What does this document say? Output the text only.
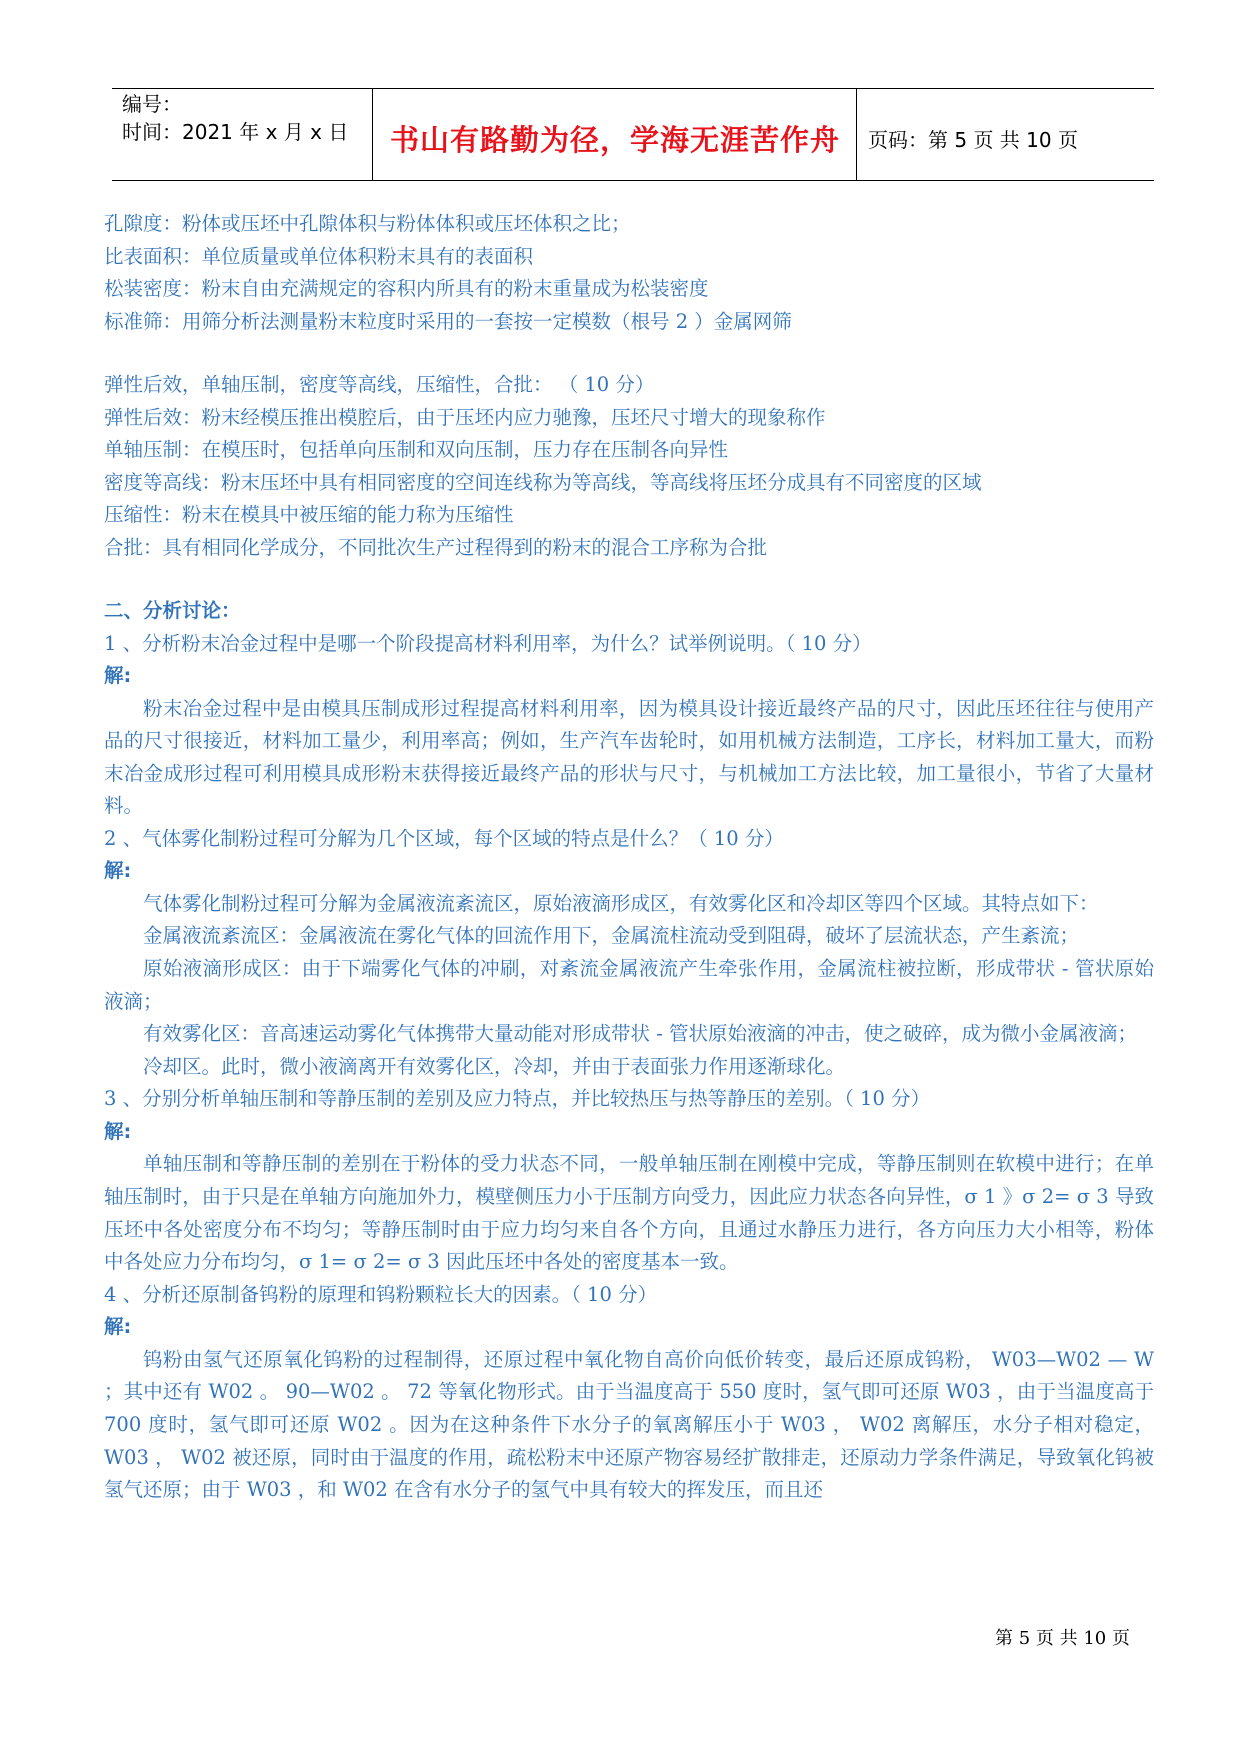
编号：
时间：2021 年 x 月 x 日	书山有路勤为径，学海无涯苦作舟	页码：第 5 页 共 10 页
孔隙度：粉体或压坯中孔隙体积与粉体体积或压坯体积之比；
比表面积：单位质量或单位体积粉末具有的表面积
松装密度：粉末自由充满规定的容积内所具有的粉末重量成为松装密度
标准筛：用筛分析法测量粉末粒度时采用的一套按一定模数（根号 2 ）金属网筛
弹性后效，单轴压制，密度等高线，压缩性，合批： （ 10 分）
弹性后效：粉末经模压推出模腔后，由于压坯内应力驰豫，压坯尺寸增大的现象称作
单轴压制：在模压时，包括单向压制和双向压制，压力存在压制各向异性
密度等高线：粉末压坯中具有相同密度的空间连线称为等高线，等高线将压坯分成具有不同密度的区域
压缩性：粉末在模具中被压缩的能力称为压缩性
合批：具有相同化学成分，不同批次生产过程得到的粉末的混合工序称为合批
二、分析讨论：
1 、分析粉末冶金过程中是哪一个阶段提高材料利用率，为什么？试举例说明。（ 10 分）
解:

粉末冶金过程中是由模具压制成形过程提高材料利用率，因为模具设计接近最终产品的尺寸，因此压坯往往与使用产品的尺寸很接近，材料加工量少，利用率高；例如，生产汽车齿轮时，如用机械方法制造，工序长，材料加工量大，而粉末冶金成形过程可利用模具成形粉末获得接近最终产品的形状与尺寸，与机械加工方法比较，加工量很小，节省了大量材料。

2 、气体雾化制粉过程可分解为几个区域，每个区域的特点是什么？（ 10 分）
解:

气体雾化制粉过程可分解为金属液流紊流区，原始液滴形成区，有效雾化区和冷却区等四个区域。其特点如下：

金属液流紊流区：金属液流在雾化气体的回流作用下，金属流柱流动受到阻碍，破坏了层流状态，产生紊流；

原始液滴形成区：由于下端雾化气体的冲刷，对紊流金属液流产生牵张作用，金属流柱被拉断，形成带状 - 管状原始液滴；

有效雾化区：音高速运动雾化气体携带大量动能对形成带状 - 管状原始液滴的冲击，使之破碎，成为微小金属液滴；

冷却区。此时，微小液滴离开有效雾化区，冷却，并由于表面张力作用逐渐球化。

3 、分别分析单轴压制和等静压制的差别及应力特点，并比较热压与热等静压的差别。（ 10 分）
解:

单轴压制和等静压制的差别在于粉体的受力状态不同，一般单轴压制在刚模中完成，等静压制则在软模中进行；在单轴压制时，由于只是在单轴方向施加外力，模壁侧压力小于压制方向受力，因此应力状态各向异性，σ 1 》σ 2= σ 3 导致压坯中各处密度分布不均匀；等静压制时由于应力均匀来自各个方向，且通过水静压力进行，各方向压力大小相等，粉体中各处应力分布均匀，σ 1= σ 2= σ 3 因此压坯中各处的密度基本一致。

4 、分析还原制备钨粉的原理和钨粉颗粒长大的因素。（ 10 分）
解:

钨粉由氢气还原氧化钨粉的过程制得，还原过程中氧化物自高价向低价转变，最后还原成钨粉， W03—W02 — W ；其中还有 W02 。 90—W02 。 72 等氧化物形式。由于当温度高于 550 度时，氢气即可还原 W03 ，由于当温度高于 700 度时，氢气即可还原 W02 。因为在这种条件下水分子的氧离解压小于 W03 ， W02 离解压，水分子相对稳定， W03 ， W02 被还原，同时由于温度的作用，疏松粉末中还原产物容易经扩散排走，还原动力学条件满足，导致氧化钨被氢气还原；由于 W03 ，和 W02 在含有水分子的氢气中具有较大的挥发压，而且还

第 5 页 共 10 页
